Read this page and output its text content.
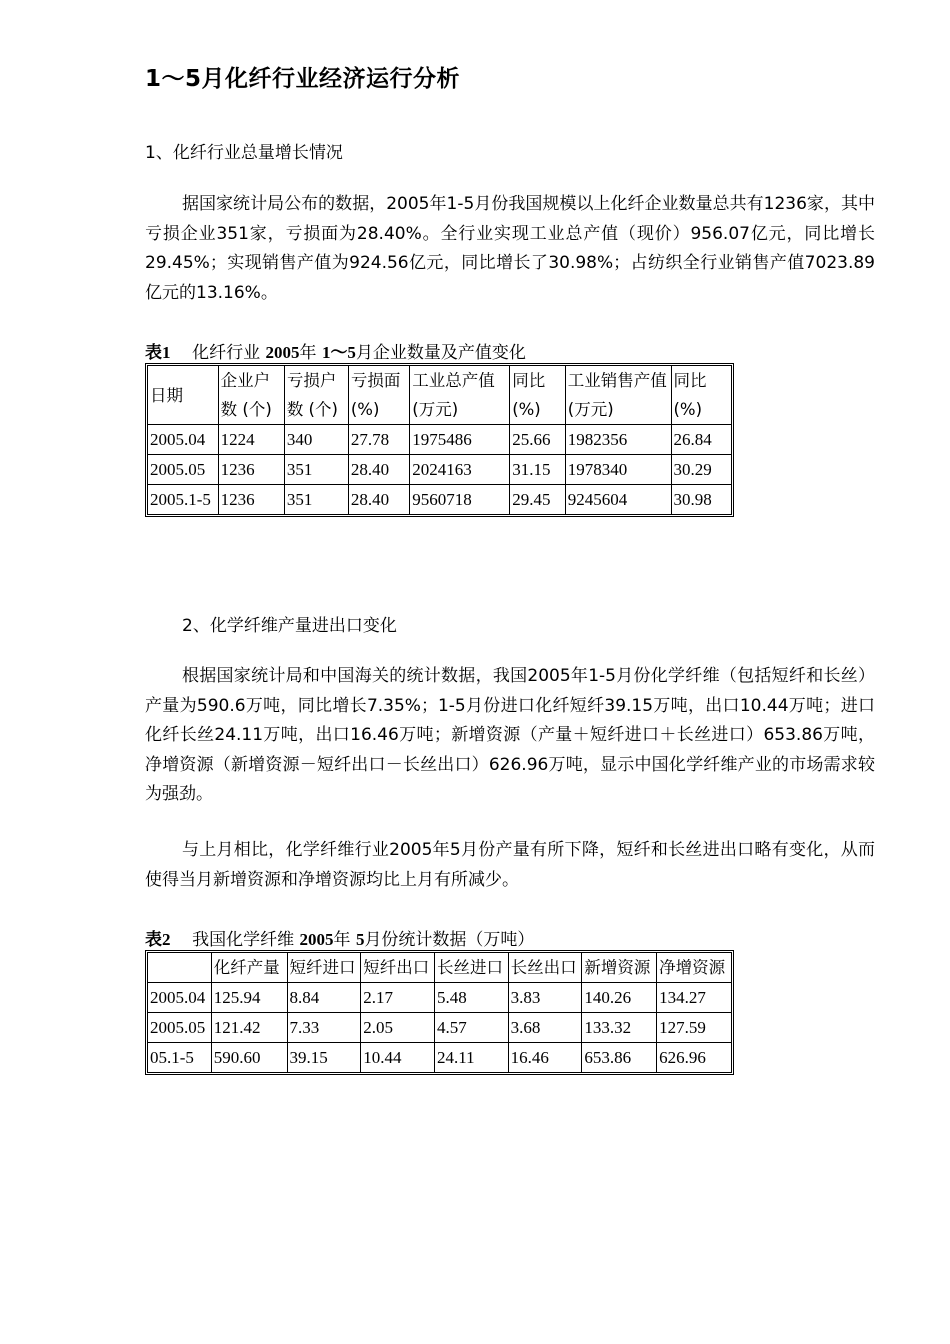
1～5月化纤行业经济运行分析
1、化纤行业总量增长情况
据国家统计局公布的数据，2005年1-5月份我国规模以上化纤企业数量总共有1236家，其中亏损企业351家，亏损面为28.40%。全行业实现工业总产值（现价）956.07亿元，同比增长29.45%；实现销售产值为924.56亿元，同比增长了30.98%；占纺织全行业销售产值7023.89亿元的13.16%。
表1 化纤行业 2005年 1～5月企业数量及产值变化
日期	企业户数 (个)	亏损户数 (个)	亏损面 (%)	工业总产值 (万元)	同比 (%)	工业销售产值 (万元)	同比 (%)
2005.04	1224	340	27.78	1975486	25.66	1982356	26.84
2005.05	1236	351	28.40	2024163	31.15	1978340	30.29
2005.1-5	1236	351	28.40	9560718	29.45	9245604	30.98
2、化学纤维产量进出口变化
根据国家统计局和中国海关的统计数据，我国2005年1-5月份化学纤维（包括短纤和长丝）产量为590.6万吨，同比增长7.35%；1-5月份进口化纤短纤39.15万吨，出口10.44万吨；进口化纤长丝24.11万吨，出口16.46万吨；新增资源（产量＋短纤进口＋长丝进口）653.86万吨，净增资源（新增资源－短纤出口－长丝出口）626.96万吨，显示中国化学纤维产业的市场需求较为强劲。
与上月相比，化学纤维行业2005年5月份产量有所下降，短纤和长丝进出口略有变化，从而使得当月新增资源和净增资源均比上月有所减少。
表2 我国化学纤维 2005年 5月份统计数据（万吨）
	化纤产量	短纤进口	短纤出口	长丝进口	长丝出口	新增资源	净增资源
2005.04	125.94	8.84	2.17	5.48	3.83	140.26	134.27
2005.05	121.42	7.33	2.05	4.57	3.68	133.32	127.59
05.1-5	590.60	39.15	10.44	24.11	16.46	653.86	626.96
